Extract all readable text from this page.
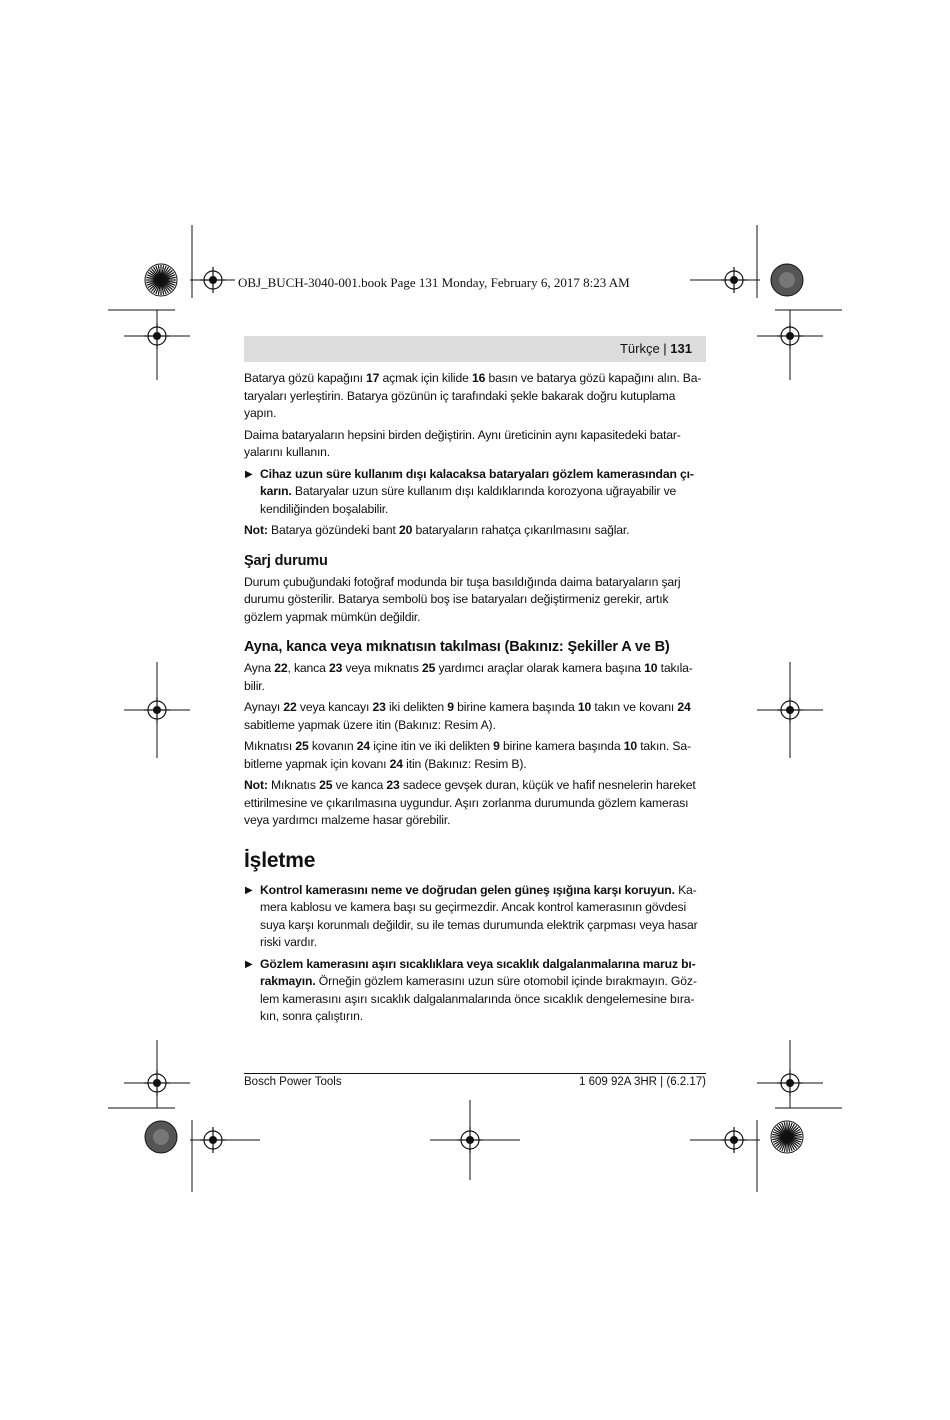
OBJ_BUCH-3040-001.book Page 131 Monday, February 6, 2017 8:23 AM
Türkçe | 131

Batarya gözü kapağını 17 açmak için kilide 16 basın ve batarya gözü kapağını alın. Ba-taryaları yerleştirin. Batarya gözünün iç tarafındaki şekle bakarak doğru kutuplama yapın.

Daima bataryaların hepsini birden değiştirin. Aynı üreticinin aynı kapasitedeki batar-yalarını kullanın.

▶ Cihaz uzun süre kullanım dışı kalacaksa bataryaları gözlem kamerasından çı-karın. Bataryalar uzun süre kullanım dışı kaldıklarında korozyona uğrayabilir ve kendiliğinden boşalabilir.

Not: Batarya gözündeki bant 20 bataryaların rahatça çıkarılmasını sağlar.

Şarj durumu

Durum çubuğundaki fotoğraf modunda bir tuşa basıldığında daima bataryaların şarj durumu gösterilir. Batarya sembolü boş ise bataryaları değiştirmeniz gerekir, artık gözlem yapmak mümkün değildir.

Ayna, kanca veya mıknatısın takılması (Bakınız: Şekiller A ve B)

Ayna 22, kanca 23 veya mıknatıs 25 yardımcı araçlar olarak kamera başına 10 takıla-bilir.

Aynayı 22 veya kancayı 23 iki delikten 9 birine kamera başında 10 takın ve kovanı 24 sabitleme yapmak üzere itin (Bakınız: Resim A).

Mıknatısı 25 kovanın 24 içine itin ve iki delikten 9 birine kamera başında 10 takın. Sa-bitleme yapmak için kovanı 24 itin (Bakınız: Resim B).

Not: Mıknatıs 25 ve kanca 23 sadece gevşek duran, küçük ve hafif nesnelerin hareket ettirilmesine ve çıkarılmasına uygundur. Aşırı zorlanma durumunda gözlem kamerası veya yardımcı malzeme hasar görebilir.

İşletme
▶ Kontrol kamerasını neme ve doğrudan gelen güneş ışığına karşı koruyun. Ka-mera kablosu ve kamera başı su geçirmezdir. Ancak kontrol kamerasının gövdesi suya karşı korunmalı değildir, su ile temas durumunda elektrik çarpması veya hasar riski vardır.
▶ Gözlem kamerasını aşırı sıcaklıklara veya sıcaklık dalgalanmalarına maruz bı-rakmayın. Örneğin gözlem kamerasını uzun süre otomobil içinde bırakmayın. Göz-lem kamerasını aşırı sıcaklık dalgalanmalarında önce sıcaklık dengelemesine bıra-kın, sonra çalıştırın.
Bosch Power Tools	1 609 92A 3HR | (6.2.17)
